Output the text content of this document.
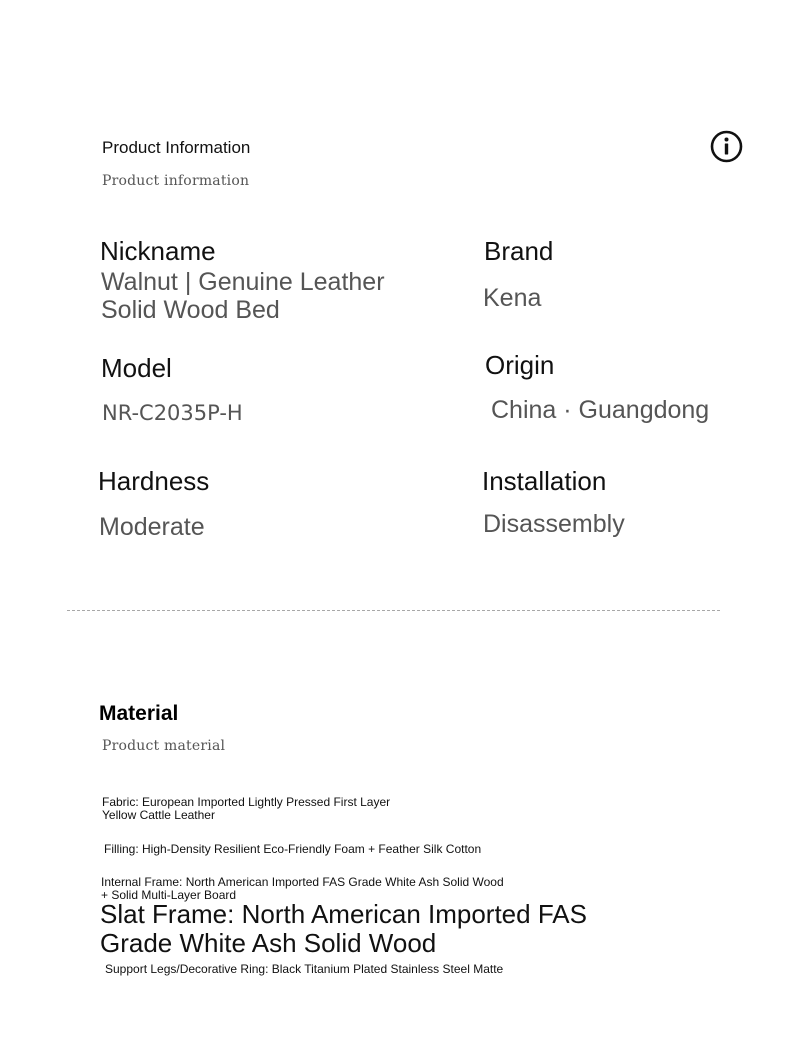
Product Information
Product information
Nickname
Walnut | Genuine Leather Solid Wood Bed
Brand
Kena
Model
NR-C2035P-H
Origin
China · Guangdong
Hardness
Moderate
Installation
Disassembly
Material
Product material
Fabric: European Imported Lightly Pressed First Layer Yellow Cattle Leather
Filling: High-Density Resilient Eco-Friendly Foam + Feather Silk Cotton
Internal Frame: North American Imported FAS Grade White Ash Solid Wood + Solid Multi-Layer Board
Slat Frame: North American Imported FAS Grade White Ash Solid Wood
Support Legs/Decorative Ring: Black Titanium Plated Stainless Steel Matte
